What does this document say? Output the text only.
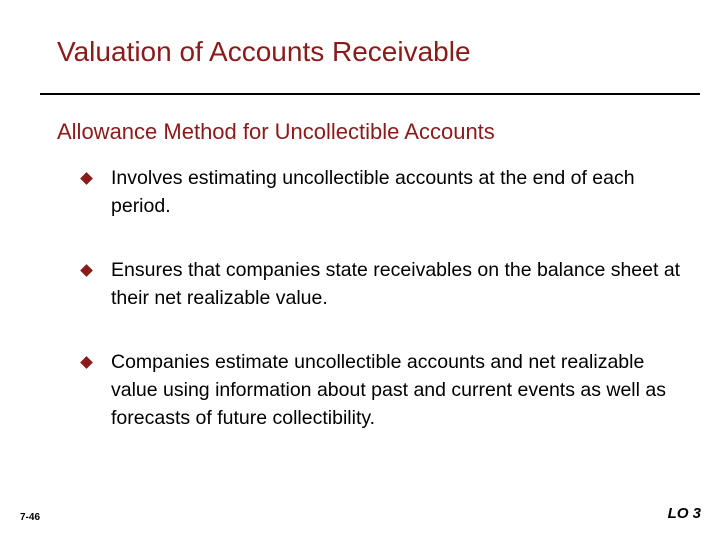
Valuation of Accounts Receivable
Allowance Method for Uncollectible Accounts
Involves estimating uncollectible accounts at the end of each period.
Ensures that companies state receivables on the balance sheet at their net realizable value.
Companies estimate uncollectible accounts and net realizable value using information about past and current events as well as forecasts of future collectibility.
7-46	LO 3
